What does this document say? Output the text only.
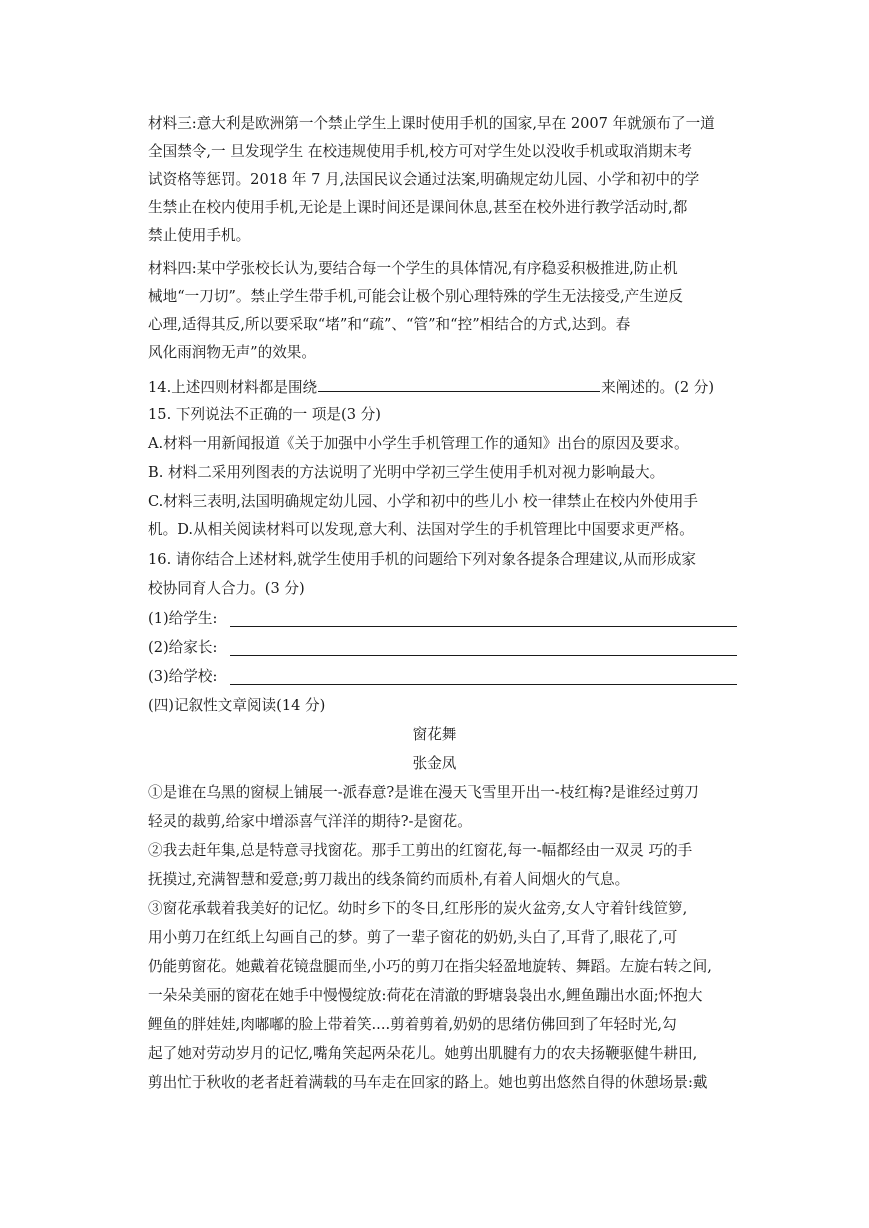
材料三:意大利是欧洲第一个禁止学生上课时使用手机的国家,早在 2007 年就颁布了一道
全国禁令,一 旦发现学生 在校违规使用手机,校方可对学生处以没收手机或取消期末考
试资格等惩罚。2018 年 7 月,法国民议会通过法案,明确规定幼儿园、小学和初中的学
生禁止在校内使用手机,无论是上课时间还是课间休息,甚至在校外进行教学活动时,都
禁止使用手机。
材料四:某中学张校长认为,要结合每一个学生的具体情况,有序稳妥积极推进,防止机
械地“一刀切”。禁止学生带手机,可能会让极个别心理特殊的学生无法接受,产生逆反
心理,适得其反,所以要采取“堵”和“疏”、“管”和“控”相结合的方式,达到。春
风化雨润物无声”的效果。
14.上述四则材料都是围绕	来阐述的。(2 分)
15. 下列说法不正确的一 项是(3 分)
A.材料一用新闻报道《关于加强中小学生手机管理工作的通知》出台的原因及要求。
B. 材料二采用列图表的方法说明了光明中学初三学生使用手机对视力影响最大。
C.材料三表明,法国明确规定幼儿园、小学和初中的些儿小 校一律禁止在校内外使用手
机。D.从相关阅读材料可以发现,意大利、法国对学生的手机管理比中国要求更严格。
16. 请你结合上述材料,就学生使用手机的问题给下列对象各提条合理建议,从而形成家
校协同育人合力。(3 分)
(1)给学生:
(2)给家长:
(3)给学校:
(四)记叙性文章阅读(14 分)
窗花舞
张金凤
①是谁在乌黑的窗棂上铺展一-派春意?是谁在漫天飞雪里开出一-枝红梅?是谁经过剪刀
轻灵的裁剪,给家中增添喜气洋洋的期待?-是窗花。
②我去赶年集,总是特意寻找窗花。那手工剪出的红窗花,每一-幅都经由一双灵 巧的手
抚摸过,充满智慧和爱意;剪刀裁出的线条简约而质朴,有着人间烟火的气息。
③窗花承载着我美好的记忆。幼时乡下的冬日,红彤彤的炭火盆旁,女人守着针线笸箩,
用小剪刀在红纸上勾画自己的梦。剪了一辈子窗花的奶奶,头白了,耳背了,眼花了,可
仍能剪窗花。她戴着花镜盘腿而坐,小巧的剪刀在指尖轻盈地旋转、舞蹈。左旋右转之间,
一朵朵美丽的窗花在她手中慢慢绽放:荷花在清澈的野塘袅袅出水,鲤鱼蹦出水面;怀抱大
鲤鱼的胖娃娃,肉嘟嘟的脸上带着笑....剪着剪着,奶奶的思绪仿佛回到了年轻时光,勾
起了她对劳动岁月的记忆,嘴角笑起两朵花儿。她剪出肌腱有力的农夫扬鞭驱健牛耕田,
剪出忙于秋收的老者赶着满载的马车走在回家的路上。她也剪出悠然自得的休憩场景:戴
